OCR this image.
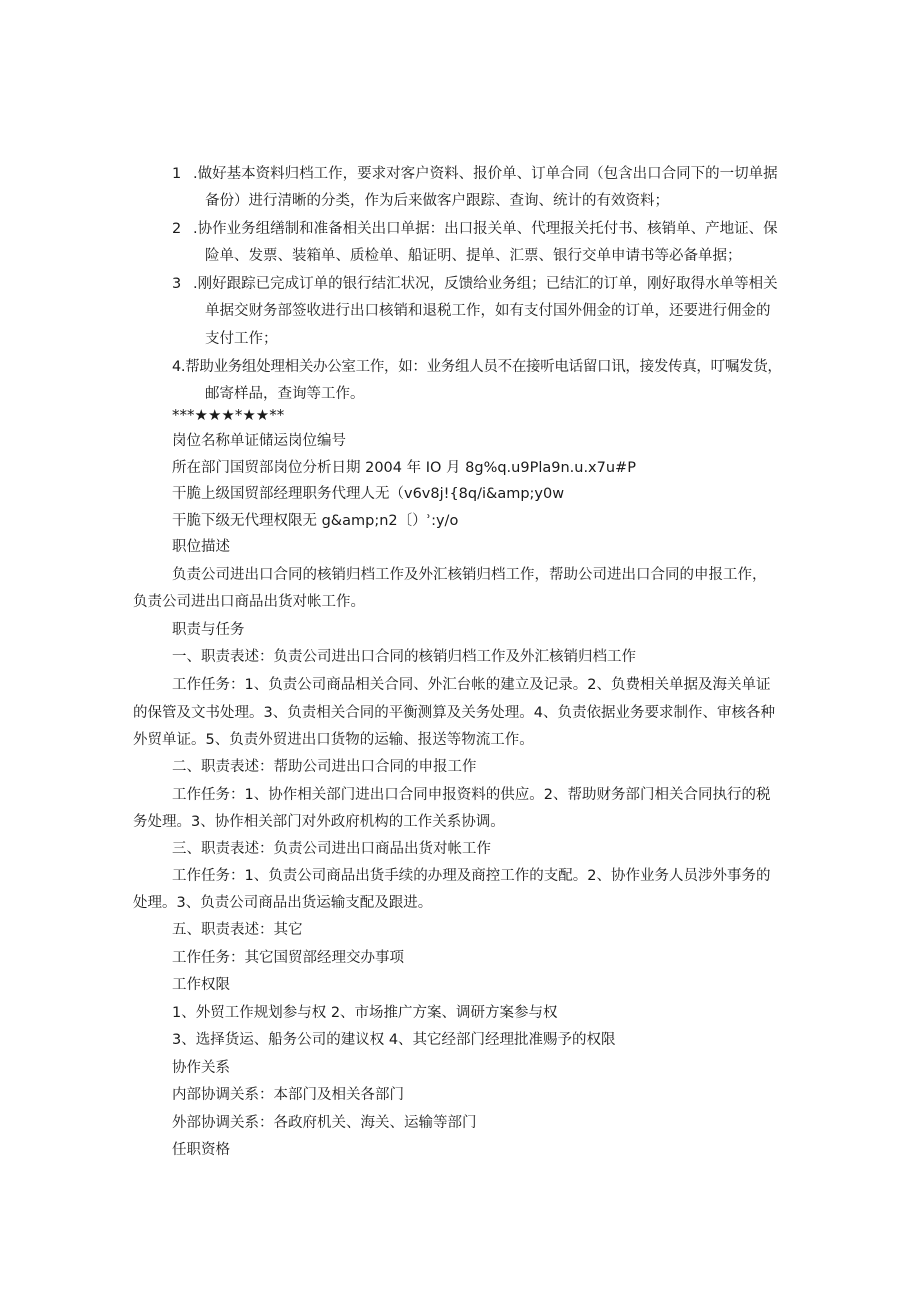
1 .做好基本资料归档工作，要求对客户资料、报价单、订单合同（包含出口合同下的一切单据
备份）进行清晰的分类，作为后来做客户跟踪、查询、统计的有效资料；
2 .协作业务组缮制和准备相关出口单据：出口报关单、代理报关托付书、核销单、产地证、保
险单、发票、装箱单、质检单、船证明、提单、汇票、银行交单申请书等必备单据；
3 .刚好跟踪已完成订单的银行结汇状况，反馈给业务组；已结汇的订单，刚好取得水单等相关
单据交财务部签收进行出口核销和退税工作，如有支付国外佣金的订单，还要进行佣金的
支付工作；
4.帮助业务组处理相关办公室工作，如：业务组人员不在接听电话留口讯，接发传真，叮嘱发货，
邮寄样品，查询等工作。
***★★★*★★**
岗位名称单证储运岗位编号
所在部门国贸部岗位分析日期 2004 年 IO 月 8g%q.u9Pla9n.u.x7u#P
干脆上级国贸部经理职务代理人无（v6v8j!{8q/i&amp;y0w
干脆下级无代理权限无 g&amp;n2〔）ʾ:y/o
职位描述
负责公司进出口合同的核销归档工作及外汇核销归档工作，帮助公司进出口合同的申报工作，
负责公司进出口商品出货对帐工作。
职责与任务
一、职责表述：负责公司进出口合同的核销归档工作及外汇核销归档工作
工作任务：1、负责公司商品相关合同、外汇台帐的建立及记录。2、负费相关单据及海关单证
的保管及文书处理。3、负责相关合同的平衡测算及关务处理。4、负责依据业务要求制作、审核各种
外贸单证。5、负责外贸进出口货物的运输、报送等物流工作。
二、职责表述：帮助公司进出口合同的申报工作
工作任务：1、协作相关部门进出口合同申报资料的供应。2、帮助财务部门相关合同执行的税
务处理。3、协作相关部门对外政府机构的工作关系协调。
三、职责表述：负责公司进出口商品出货对帐工作
工作任务：1、负责公司商品出货手续的办理及商控工作的支配。2、协作业务人员涉外事务的
处理。3、负责公司商品出货运输支配及跟进。
五、职责表述：其它
工作任务：其它国贸部经理交办事项
工作权限
1、外贸工作规划参与权 2、市场推广方案、调研方案参与权
3、选择货运、船务公司的建议权 4、其它经部门经理批准赐予的权限
协作关系
内部协调关系：本部门及相关各部门
外部协调关系：各政府机关、海关、运输等部门
任职资格
